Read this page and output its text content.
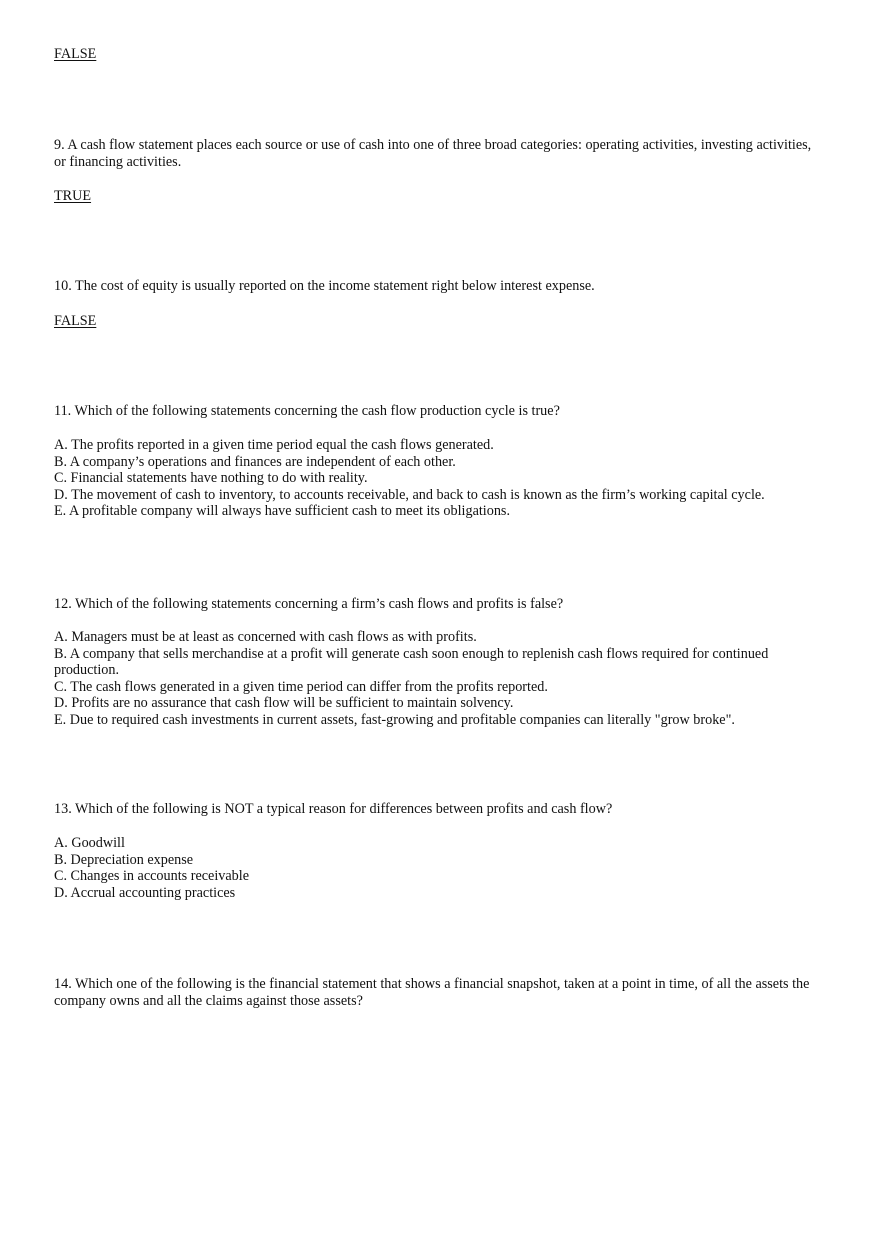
FALSE
9. A cash flow statement places each source or use of cash into one of three broad categories: operating activities, investing activities, or financing activities.
TRUE
10. The cost of equity is usually reported on the income statement right below interest expense.
FALSE
11. Which of the following statements concerning the cash flow production cycle is true?
A. The profits reported in a given time period equal the cash flows generated.
B. A company’s operations and finances are independent of each other.
C. Financial statements have nothing to do with reality.
D. The movement of cash to inventory, to accounts receivable, and back to cash is known as the firm’s working capital cycle.
E. A profitable company will always have sufficient cash to meet its obligations.
12. Which of the following statements concerning a firm’s cash flows and profits is false?
A. Managers must be at least as concerned with cash flows as with profits.
B. A company that sells merchandise at a profit will generate cash soon enough to replenish cash flows required for continued production.
C. The cash flows generated in a given time period can differ from the profits reported.
D. Profits are no assurance that cash flow will be sufficient to maintain solvency.
E. Due to required cash investments in current assets, fast-growing and profitable companies can literally "grow broke".
13. Which of the following is NOT a typical reason for differences between profits and cash flow?
A. Goodwill
B. Depreciation expense
C. Changes in accounts receivable
D. Accrual accounting practices
14. Which one of the following is the financial statement that shows a financial snapshot, taken at a point in time, of all the assets the company owns and all the claims against those assets?
